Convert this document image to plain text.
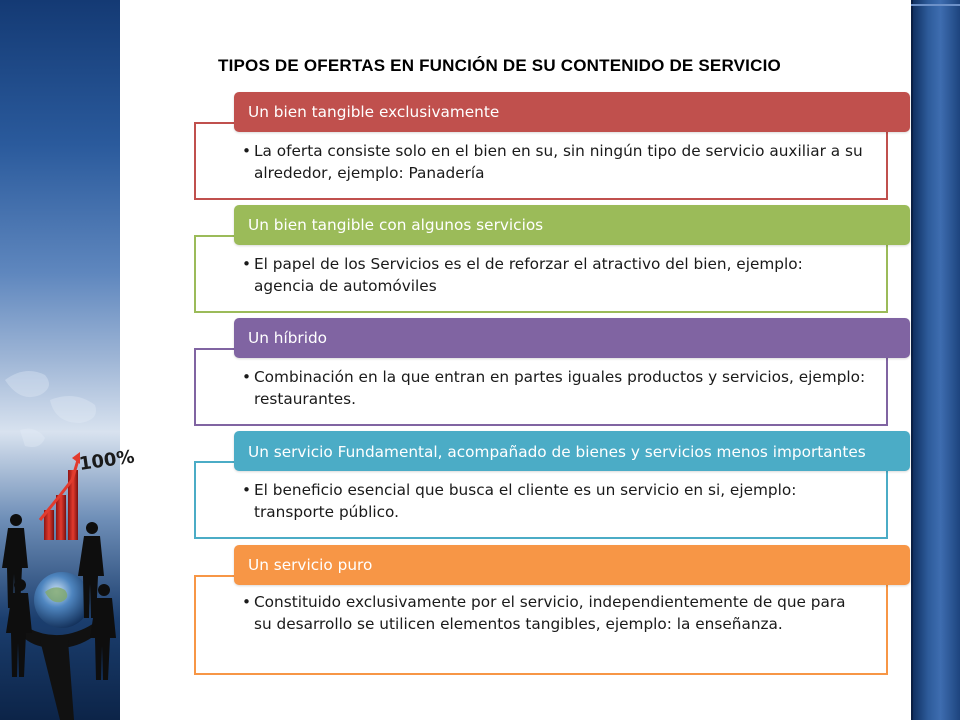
100%
TIPOS DE OFERTAS EN FUNCIÓN DE SU CONTENIDO DE SERVICIO
• La oferta consiste solo en el bien en su, sin ningún tipo de servicio auxiliar a su alrededor, ejemplo: Panadería
Un bien tangible exclusivamente
• El papel de los Servicios es el de reforzar el atractivo del bien, ejemplo: agencia de automóviles
Un bien tangible con algunos servicios
• Combinación en la que entran en partes iguales productos y servicios, ejemplo: restaurantes.
Un híbrido
• El beneficio esencial que busca el cliente es un servicio en si, ejemplo: transporte público.
Un servicio Fundamental, acompañado de bienes y servicios menos importantes
• Constituido exclusivamente por el servicio, independientemente de que para su desarrollo se utilicen elementos tangibles, ejemplo: la enseñanza.
Un servicio puro
